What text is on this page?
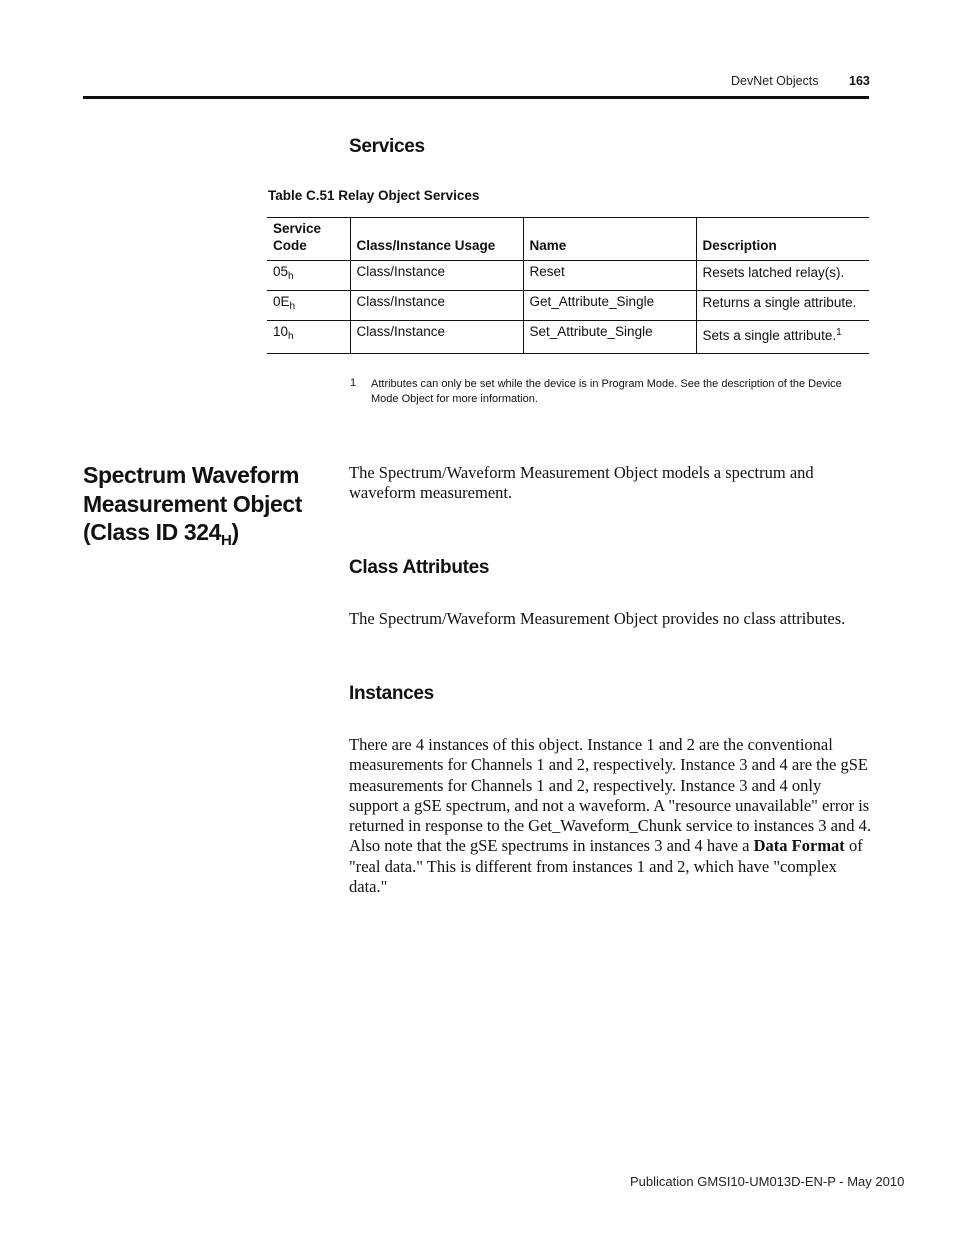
DevNet Objects 163
Services
Table C.51 Relay Object Services
Service
Code	Class/Instance Usage	Name	Description
$05_h$	Class/Instance	Reset	Resets latched relay(s).
$0E_h$	Class/Instance	Get_Attribute_Single	Returns a single attribute.
$10_h$	Class/Instance	Set_Attribute_Single	Sets a single attribute.$^1$
1 Attributes can only be set while the device is in Program Mode. See the description of the Device Mode Object for more information.
Spectrum Waveform
Measurement Object
(Class ID $324_H$)
The Spectrum/Waveform Measurement Object models a spectrum and waveform measurement.
Class Attributes
The Spectrum/Waveform Measurement Object provides no class attributes.
Instances
There are 4 instances of this object. Instance 1 and 2 are the conventional measurements for Channels 1 and 2, respectively. Instance 3 and 4 are the gSE measurements for Channels 1 and 2, respectively. Instance 3 and 4 only support a gSE spectrum, and not a waveform. A "resource unavailable" error is returned in response to the Get_Waveform_Chunk service to instances 3 and 4. Also note that the gSE spectrums in instances 3 and 4 have a Data Format of "real data." This is different from instances 1 and 2, which have "complex data."
Publication GMSI10-UM013D-EN-P - May 2010
